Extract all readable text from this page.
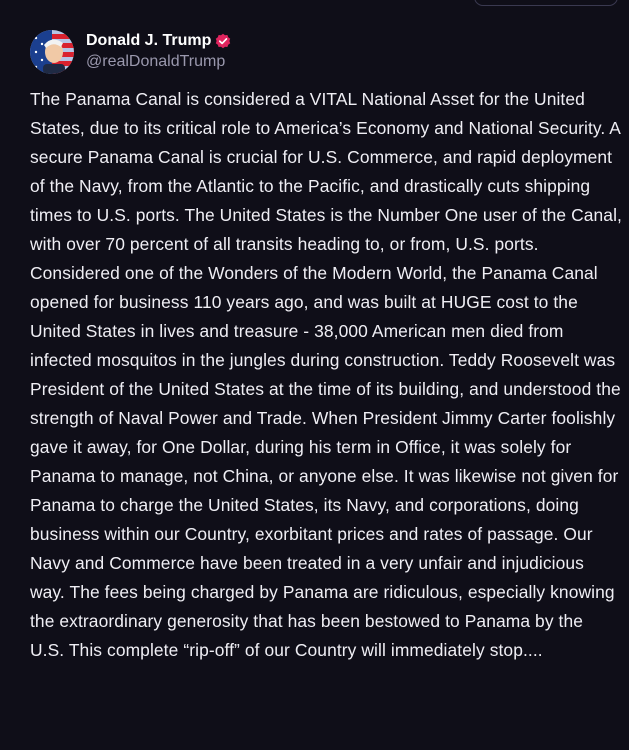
Donald J. Trump
@realDonaldTrump

The Panama Canal is considered a VITAL National Asset for the United States, due to its critical role to America’s Economy and National Security. A secure Panama Canal is crucial for U.S. Commerce, and rapid deployment of the Navy, from the Atlantic to the Pacific, and drastically cuts shipping times to U.S. ports. The United States is the Number One user of the Canal, with over 70 percent of all transits heading to, or from, U.S. ports. Considered one of the Wonders of the Modern World, the Panama Canal opened for business 110 years ago, and was built at HUGE cost to the United States in lives and treasure - 38,000 American men died from infected mosquitos in the jungles during construction. Teddy Roosevelt was President of the United States at the time of its building, and understood the strength of Naval Power and Trade. When President Jimmy Carter foolishly gave it away, for One Dollar, during his term in Office, it was solely for Panama to manage, not China, or anyone else. It was likewise not given for Panama to charge the United States, its Navy, and corporations, doing business within our Country, exorbitant prices and rates of passage. Our Navy and Commerce have been treated in a very unfair and injudicious way. The fees being charged by Panama are ridiculous, especially knowing the extraordinary generosity that has been bestowed to Panama by the U.S. This complete “rip-off” of our Country will immediately stop....
